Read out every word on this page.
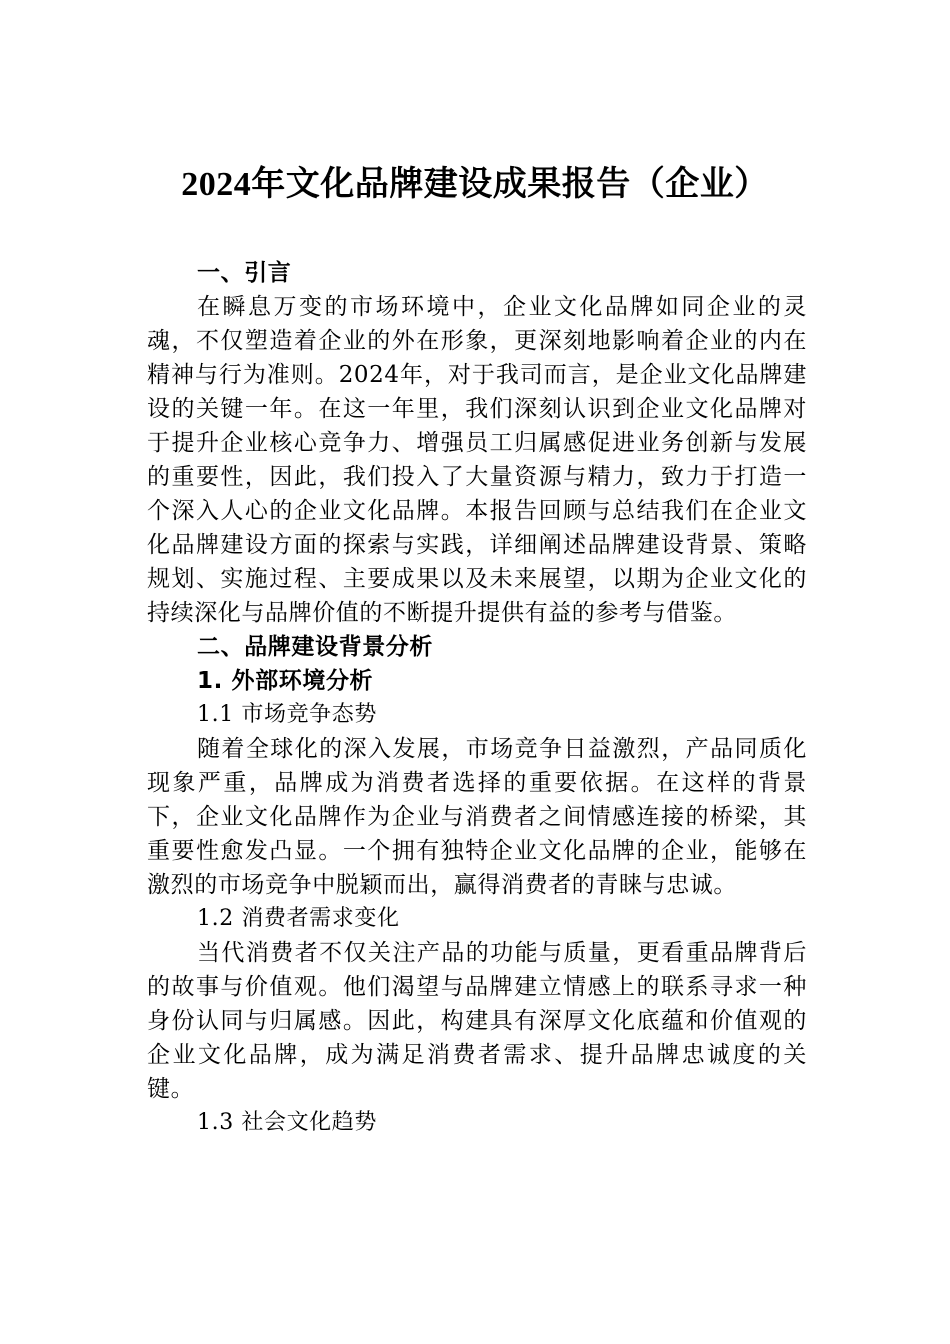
2024年文化品牌建设成果报告（企业）

一、引言

在瞬息万变的市场环境中，企业文化品牌如同企业的灵魂，不仅塑造着企业的外在形象，更深刻地影响着企业的内在精神与行为准则。2024年，对于我司而言，是企业文化品牌建设的关键一年。在这一年里，我们深刻认识到企业文化品牌对于提升企业核心竞争力、增强员工归属感促进业务创新与发展的重要性，因此，我们投入了大量资源与精力，致力于打造一个深入人心的企业文化品牌。本报告回顾与总结我们在企业文化品牌建设方面的探索与实践，详细阐述品牌建设背景、策略规划、实施过程、主要成果以及未来展望，以期为企业文化的持续深化与品牌价值的不断提升提供有益的参考与借鉴。

二、品牌建设背景分析

1. 外部环境分析

1.1 市场竞争态势

随着全球化的深入发展，市场竞争日益激烈，产品同质化现象严重，品牌成为消费者选择的重要依据。在这样的背景下，企业文化品牌作为企业与消费者之间情感连接的桥梁，其重要性愈发凸显。一个拥有独特企业文化品牌的企业，能够在激烈的市场竞争中脱颖而出，赢得消费者的青睐与忠诚。

1.2 消费者需求变化

当代消费者不仅关注产品的功能与质量，更看重品牌背后的故事与价值观。他们渴望与品牌建立情感上的联系寻求一种身份认同与归属感。因此，构建具有深厚文化底蕴和价值观的企业文化品牌，成为满足消费者需求、提升品牌忠诚度的关键。

1.3 社会文化趋势
